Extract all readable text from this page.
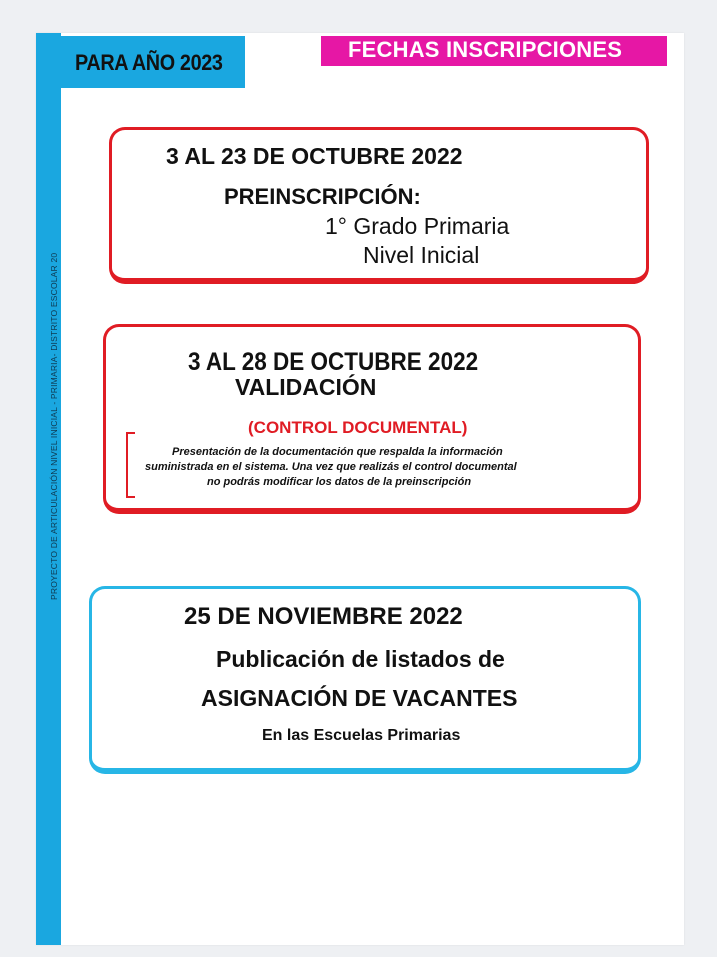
PROYECTO DE ARTICULACIÓN NIVEL INICIAL - PRIMARIA- DISTRITO ESCOLAR 20
PARA AÑO 2023
FECHAS INSCRIPCIONES
3 AL 23 DE OCTUBRE 2022
PREINSCRIPCIÓN:
1° Grado Primaria
Nivel Inicial
3 AL 28 DE OCTUBRE 2022
VALIDACIÓN
(CONTROL DOCUMENTAL)
Presentación de la documentación que respalda la información
suministrada en el sistema. Una vez que realizás el control documental
no podrás modificar los datos de la preinscripción
25 DE NOVIEMBRE 2022
Publicación de listados de
ASIGNACIÓN DE VACANTES
En las Escuelas Primarias
